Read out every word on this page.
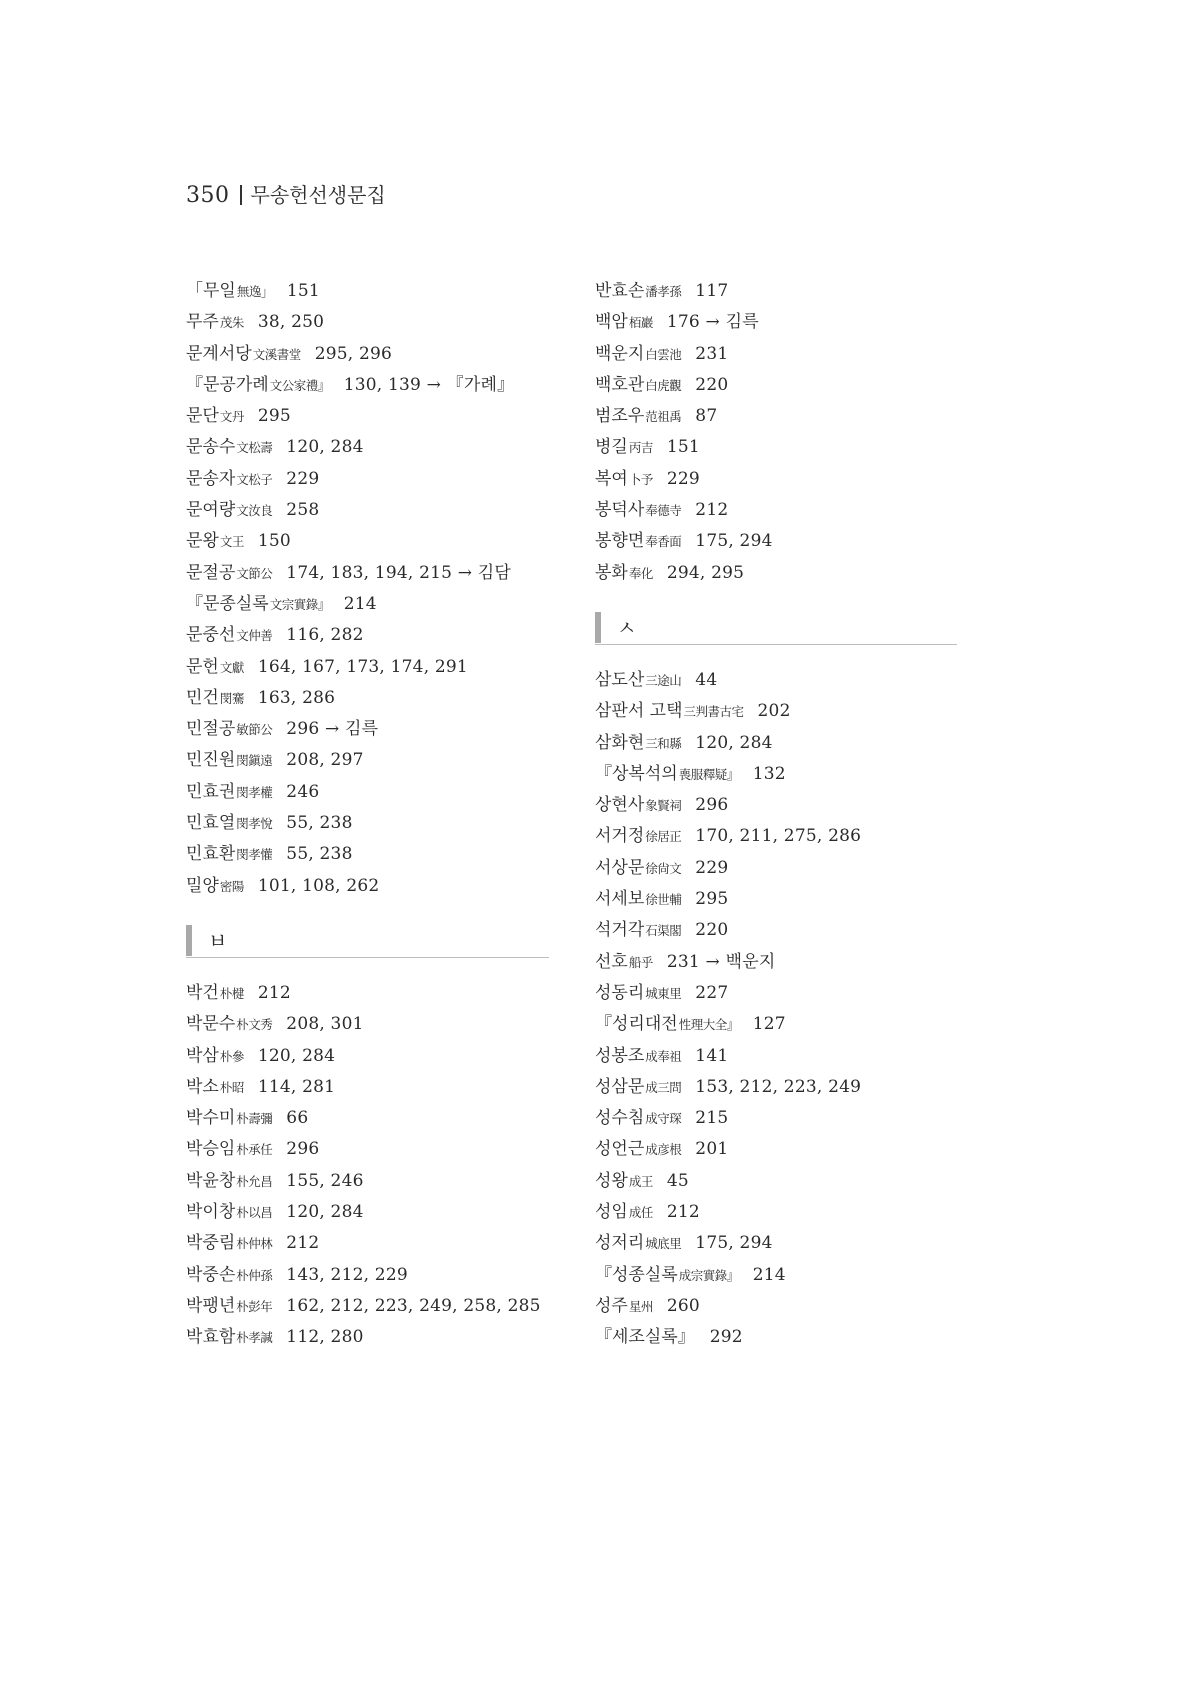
350 무송헌선생문집
「무일無逸」 151
무주茂朱 38, 250
문계서당文溪書堂 295, 296
『문공가례文公家禮』 130, 139 → 『가례』
문단文丹 295
문송수文松壽 120, 284
문송자文松子 229
문여량文汝良 258
문왕文王 150
문절공文節公 174, 183, 194, 215 → 김담
『문종실록文宗實錄』 214
문중선文仲善 116, 282
문헌文獻 164, 167, 173, 174, 291
민건閔騫 163, 286
민절공敏節公 296 → 김륵
민진원閔鎭遠 208, 297
민효권閔孝權 246
민효열閔孝悅 55, 238
민효환閔孝懽 55, 238
밀양密陽 101, 108, 262
ㅂ
박건朴楗 212
박문수朴文秀 208, 301
박삼朴參 120, 284
박소朴昭 114, 281
박수미朴壽彌 66
박승임朴承任 296
박윤창朴允昌 155, 246
박이창朴以昌 120, 284
박중림朴仲林 212
박중손朴仲孫 143, 212, 229
박팽년朴彭年 162, 212, 223, 249, 258, 285
박효함朴孝諴 112, 280
반효손潘孝孫 117
백암栢巖 176 → 김륵
백운지白雲池 231
백호관白虎觀 220
범조우范祖禹 87
병길丙吉 151
복여卜予 229
봉덕사奉德寺 212
봉향면奉香面 175, 294
봉화奉化 294, 295
ㅅ
삼도산三途山 44
삼판서 고택三判書古宅 202
삼화현三和縣 120, 284
『상복석의喪服釋疑』 132
상현사象賢祠 296
서거정徐居正 170, 211, 275, 286
서상문徐尙文 229
서세보徐世輔 295
석거각石渠閣 220
선호船乎 231 → 백운지
성동리城東里 227
『성리대전性理大全』 127
성봉조成奉祖 141
성삼문成三問 153, 212, 223, 249
성수침成守琛 215
성언근成彦根 201
성왕成王 45
성임成任 212
성저리城底里 175, 294
『성종실록成宗實錄』 214
성주星州 260
『세조실록』 292
